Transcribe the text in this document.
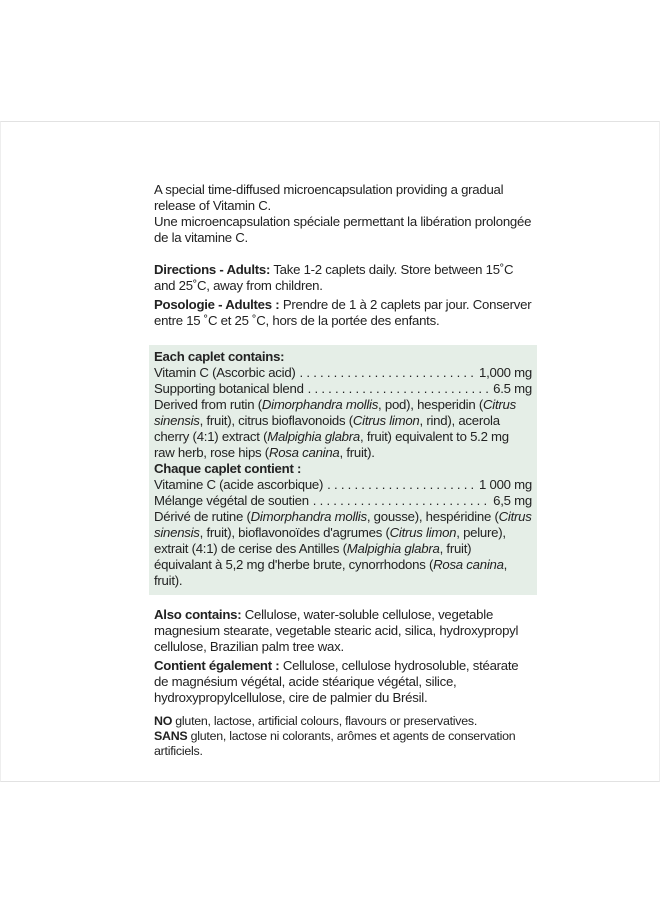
A special time-diffused microencapsulation providing a gradual release of Vitamin C.

Une microencapsulation spéciale permettant la libération prolongée de la vitamine C.

Directions - Adults: Take 1-2 caplets daily. Store between 15˚C and 25˚C, away from children.

Posologie - Adultes : Prendre de 1 à 2 caplets par jour. Conserver entre 15 ˚C et 25 ˚C, hors de la portée des enfants.

Each caplet contains:

Vitamin C (Ascorbic acid) . . .	1,000 mg
Supporting botanical blend . . .	6.5 mg

Derived from rutin (Dimorphandra mollis, pod), hesperidin (Citrus sinensis, fruit), citrus bioflavonoids (Citrus limon, rind), acerola cherry (4:1) extract (Malpighia glabra, fruit) equivalent to 5.2 mg raw herb, rose hips (Rosa canina, fruit).

Chaque caplet contient :

Vitamine C (acide ascorbique) . . .	1 000 mg
Mélange végétal de soutien . . .	6,5 mg

Dérivé de rutine (Dimorphandra mollis, gousse), hespéridine (Citrus sinensis, fruit), bioflavonoïdes d'agrumes (Citrus limon, pelure), extrait (4:1) de cerise des Antilles (Malpighia glabra, fruit) équivalant à 5,2 mg d'herbe brute, cynorrhodons (Rosa canina, fruit).

Also contains: Cellulose, water-soluble cellulose, vegetable magnesium stearate, vegetable stearic acid, silica, hydroxypropyl cellulose, Brazilian palm tree wax.

Contient également : Cellulose, cellulose hydrosoluble, stéarate de magnésium végétal, acide stéarique végétal, silice, hydroxypropylcellulose, cire de palmier du Brésil.

NO gluten, lactose, artificial colours, flavours or preservatives.

SANS gluten, lactose ni colorants, arômes et agents de conservation artificiels.
